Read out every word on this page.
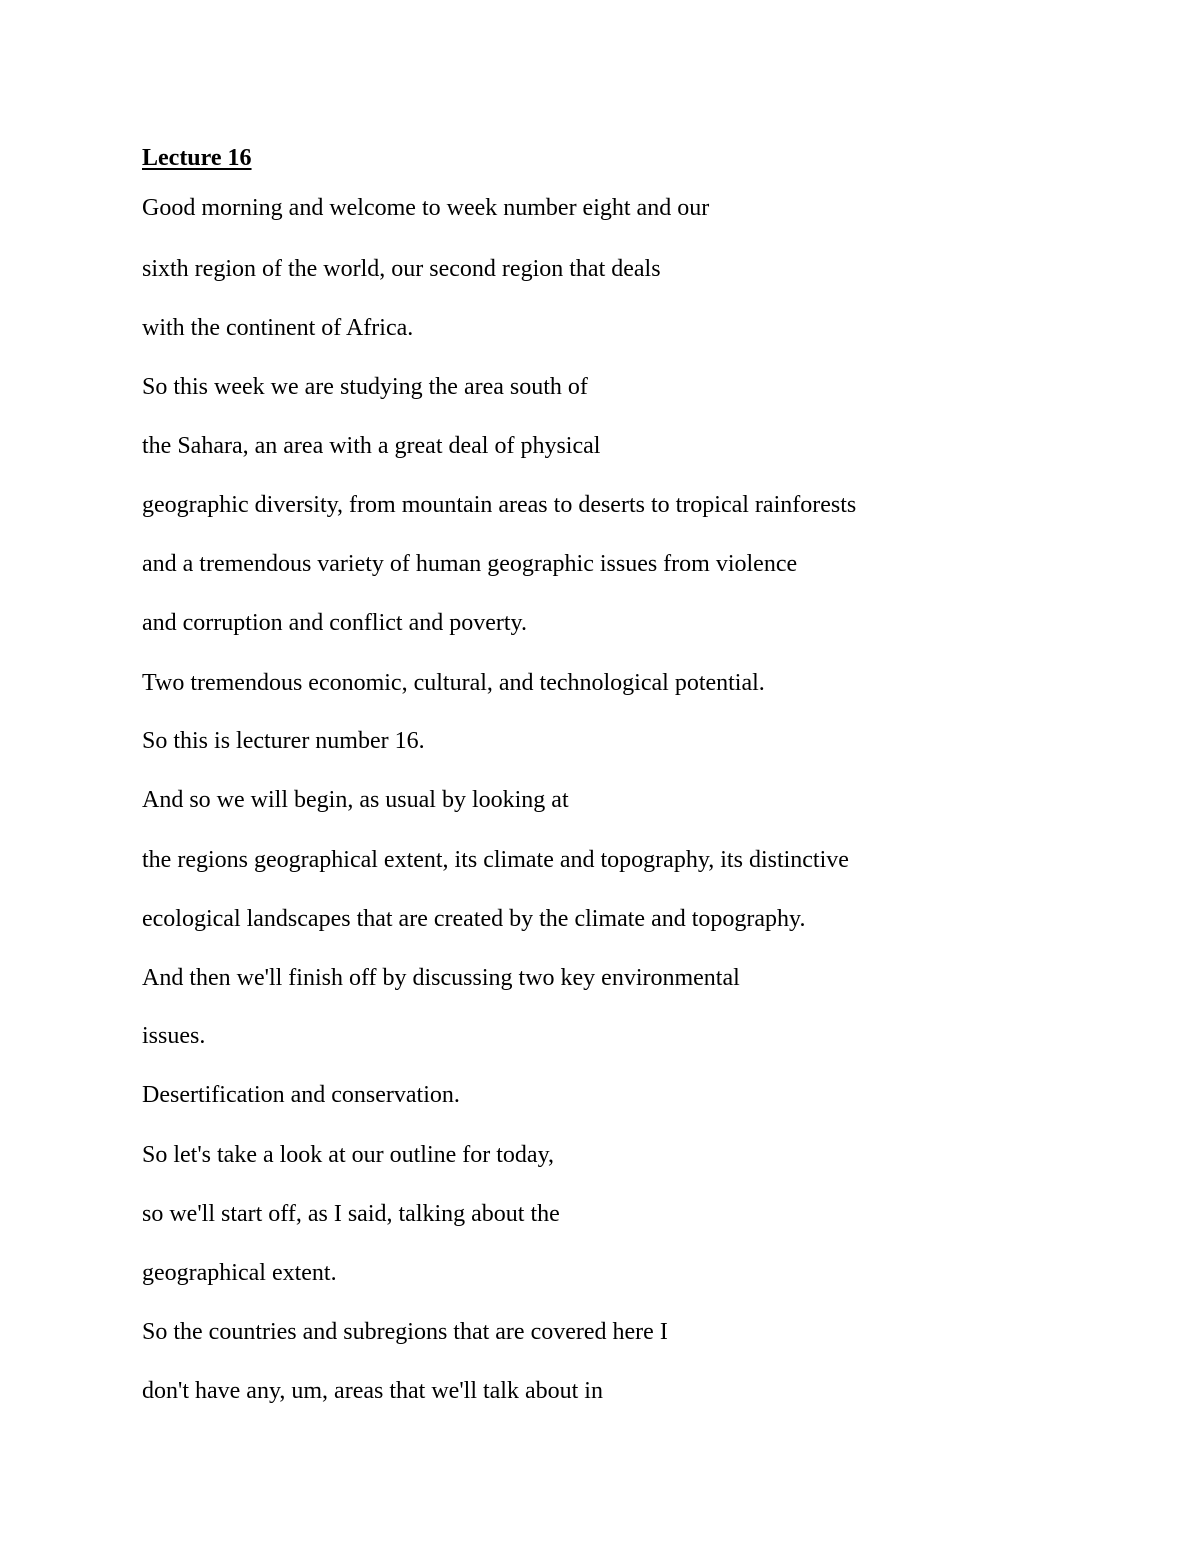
Lecture 16
Good morning and welcome to week number eight and our
sixth region of the world, our second region that deals
with the continent of Africa.
So this week we are studying the area south of
the Sahara, an area with a great deal of physical
geographic diversity, from mountain areas to deserts to tropical rainforests
and a tremendous variety of human geographic issues from violence
and corruption and conflict and poverty.
Two tremendous economic, cultural, and technological potential.
So this is lecturer number 16.
And so we will begin, as usual by looking at
the regions geographical extent, its climate and topography, its distinctive
ecological landscapes that are created by the climate and topography.
And then we'll finish off by discussing two key environmental
issues.
Desertification and conservation.
So let's take a look at our outline for today,
so we'll start off, as I said, talking about the
geographical extent.
So the countries and subregions that are covered here I
don't have any, um, areas that we'll talk about in
